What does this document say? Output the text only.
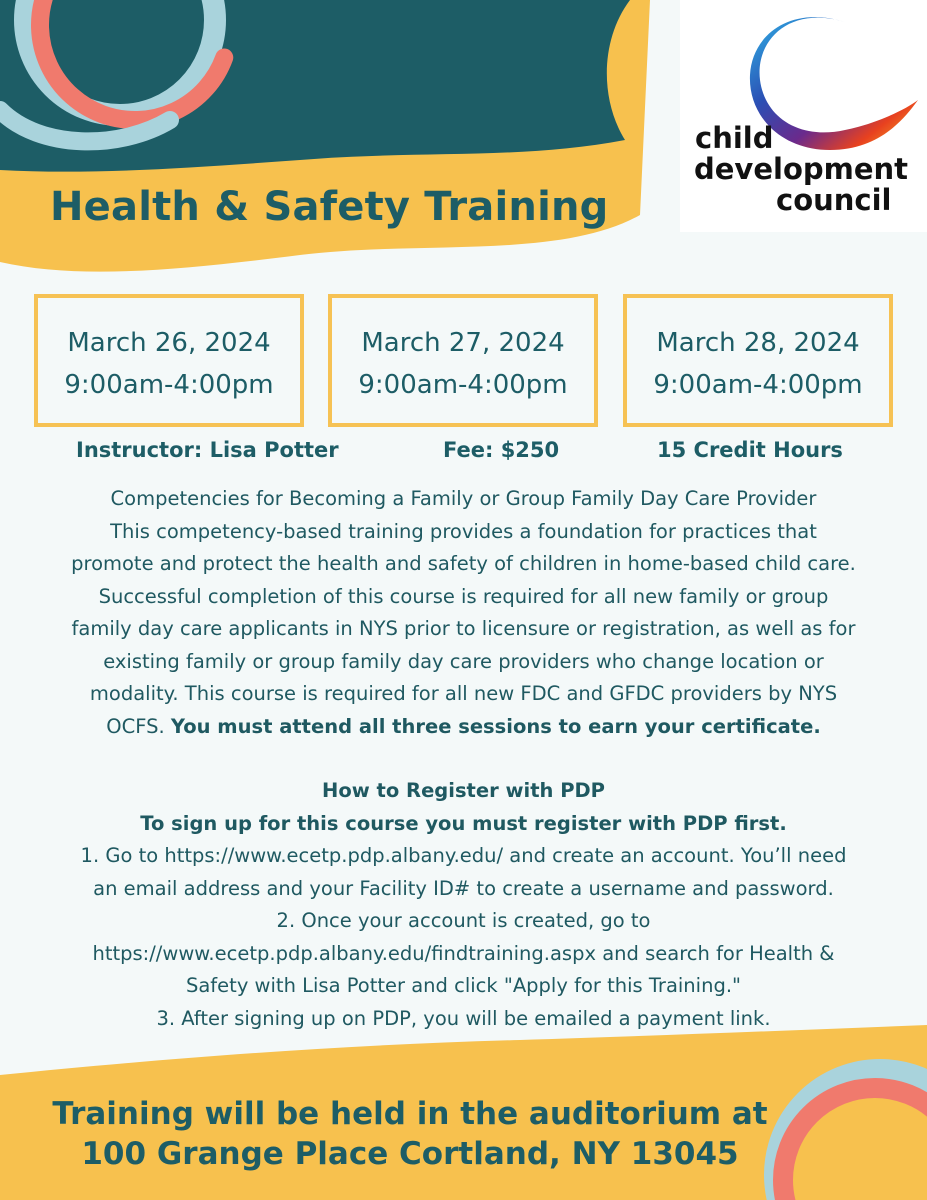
Health & Safety Training
child
development
council
March 26, 2024
9:00am-4:00pm
March 27, 2024
9:00am-4:00pm
March 28, 2024
9:00am-4:00pm
Instructor: Lisa Potter	Fee: $250	15 Credit Hours
Competencies for Becoming a Family or Group Family Day Care Provider
This competency-based training provides a foundation for practices that
promote and protect the health and safety of children in home-based child care.
Successful completion of this course is required for all new family or group
family day care applicants in NYS prior to licensure or registration, as well as for
existing family or group family day care providers who change location or
modality. This course is required for all new FDC and GFDC providers by NYS
OCFS. You must attend all three sessions to earn your certificate.
How to Register with PDP
To sign up for this course you must register with PDP first.
1. Go to https://www.ecetp.pdp.albany.edu/ and create an account. You’ll need
an email address and your Facility ID# to create a username and password.
2. Once your account is created, go to
https://www.ecetp.pdp.albany.edu/findtraining.aspx and search for Health &
Safety with Lisa Potter and click "Apply for this Training."
3. After signing up on PDP, you will be emailed a payment link.
Training will be held in the auditorium at
100 Grange Place Cortland, NY 13045
